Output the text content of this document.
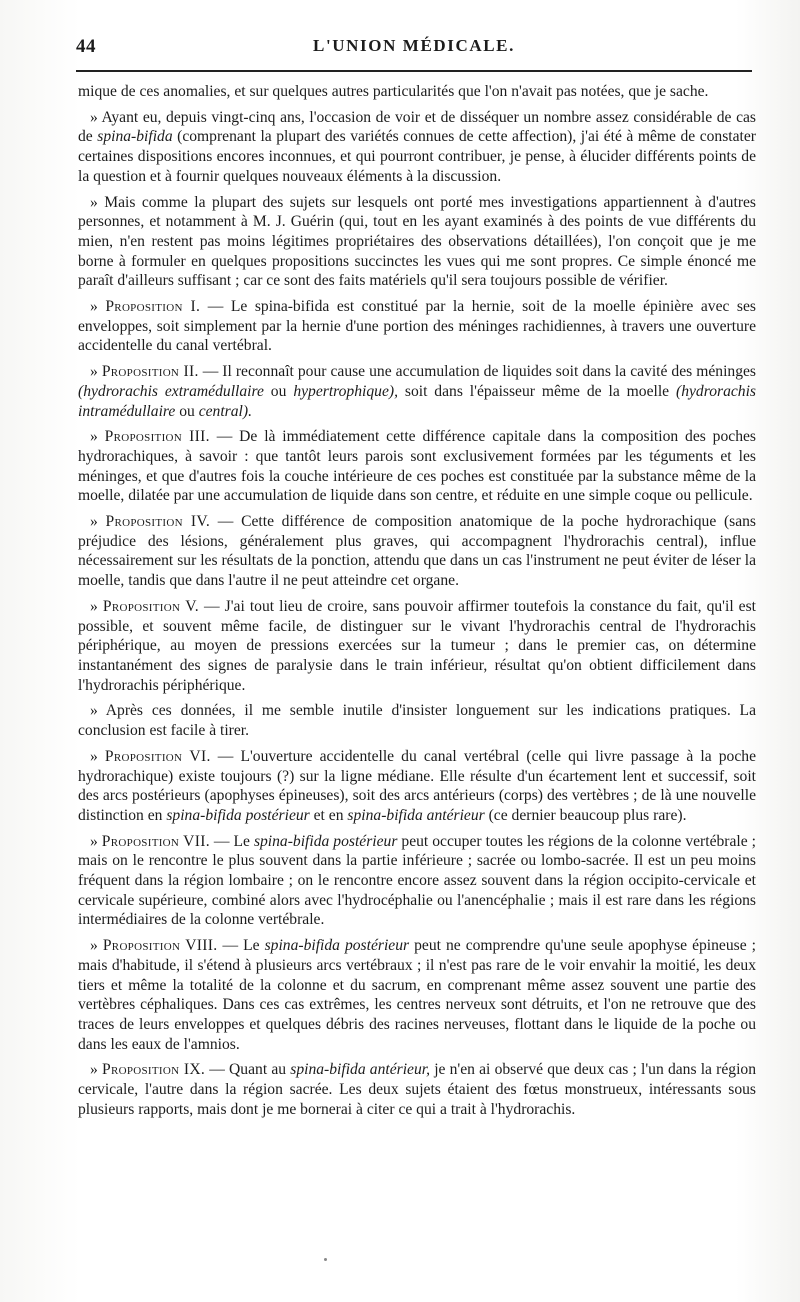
44	L'UNION MÉDICALE.

mique de ces anomalies, et sur quelques autres particularités que l'on n'avait pas notées, que je sache.

» Ayant eu, depuis vingt-cinq ans, l'occasion de voir et de disséquer un nombre assez considérable de cas de spina-bifida (comprenant la plupart des variétés connues de cette affection), j'ai été à même de constater certaines dispositions encores inconnues, et qui pourront contribuer, je pense, à élucider différents points de la question et à fournir quelques nouveaux éléments à la discussion.

» Mais comme la plupart des sujets sur lesquels ont porté mes investigations appartiennent à d'autres personnes, et notamment à M. J. Guérin (qui, tout en les ayant examinés à des points de vue différents du mien, n'en restent pas moins légitimes propriétaires des observations détaillées), l'on conçoit que je me borne à formuler en quelques propositions succinctes les vues qui me sont propres. Ce simple énoncé me paraît d'ailleurs suffisant ; car ce sont des faits matériels qu'il sera toujours possible de vérifier.

» Proposition I. — Le spina-bifida est constitué par la hernie, soit de la moelle épinière avec ses enveloppes, soit simplement par la hernie d'une portion des méninges rachidiennes, à travers une ouverture accidentelle du canal vertébral.

» Proposition II. — Il reconnaît pour cause une accumulation de liquides soit dans la cavité des méninges (hydrorachis extramédullaire ou hypertrophique), soit dans l'épaisseur même de la moelle (hydrorachis intramédullaire ou central).

» Proposition III. — De là immédiatement cette différence capitale dans la composition des poches hydrorachiques, à savoir : que tantôt leurs parois sont exclusivement formées par les téguments et les méninges, et que d'autres fois la couche intérieure de ces poches est constituée par la substance même de la moelle, dilatée par une accumulation de liquide dans son centre, et réduite en une simple coque ou pellicule.

» Proposition IV. — Cette différence de composition anatomique de la poche hydrorachique (sans préjudice des lésions, généralement plus graves, qui accompagnent l'hydrorachis central), influe nécessairement sur les résultats de la ponction, attendu que dans un cas l'instrument ne peut éviter de léser la moelle, tandis que dans l'autre il ne peut atteindre cet organe.

» Proposition V. — J'ai tout lieu de croire, sans pouvoir affirmer toutefois la constance du fait, qu'il est possible, et souvent même facile, de distinguer sur le vivant l'hydrorachis central de l'hydrorachis périphérique, au moyen de pressions exercées sur la tumeur ; dans le premier cas, on détermine instantanément des signes de paralysie dans le train inférieur, résultat qu'on obtient difficilement dans l'hydrorachis périphérique.

» Après ces données, il me semble inutile d'insister longuement sur les indications pratiques. La conclusion est facile à tirer.

» Proposition VI. — L'ouverture accidentelle du canal vertébral (celle qui livre passage à la poche hydrorachique) existe toujours (?) sur la ligne médiane. Elle résulte d'un écartement lent et successif, soit des arcs postérieurs (apophyses épineuses), soit des arcs antérieurs (corps) des vertèbres ; de là une nouvelle distinction en spina-bifida postérieur et en spina-bifida antérieur (ce dernier beaucoup plus rare).

» Proposition VII. — Le spina-bifida postérieur peut occuper toutes les régions de la colonne vertébrale ; mais on le rencontre le plus souvent dans la partie inférieure ; sacrée ou lombo-sacrée. Il est un peu moins fréquent dans la région lombaire ; on le rencontre encore assez souvent dans la région occipito-cervicale et cervicale supérieure, combiné alors avec l'hydrocéphalie ou l'anencéphalie ; mais il est rare dans les régions intermédiaires de la colonne vertébrale.

» Proposition VIII. — Le spina-bifida postérieur peut ne comprendre qu'une seule apophyse épineuse ; mais d'habitude, il s'étend à plusieurs arcs vertébraux ; il n'est pas rare de le voir envahir la moitié, les deux tiers et même la totalité de la colonne et du sacrum, en comprenant même assez souvent une partie des vertèbres céphaliques. Dans ces cas extrêmes, les centres nerveux sont détruits, et l'on ne retrouve que des traces de leurs enveloppes et quelques débris des racines nerveuses, flottant dans le liquide de la poche ou dans les eaux de l'amnios.

» Proposition IX. — Quant au spina-bifida antérieur, je n'en ai observé que deux cas ; l'un dans la région cervicale, l'autre dans la région sacrée. Les deux sujets étaient des fœtus monstrueux, intéressants sous plusieurs rapports, mais dont je me bornerai à citer ce qui a trait à l'hydrorachis.
